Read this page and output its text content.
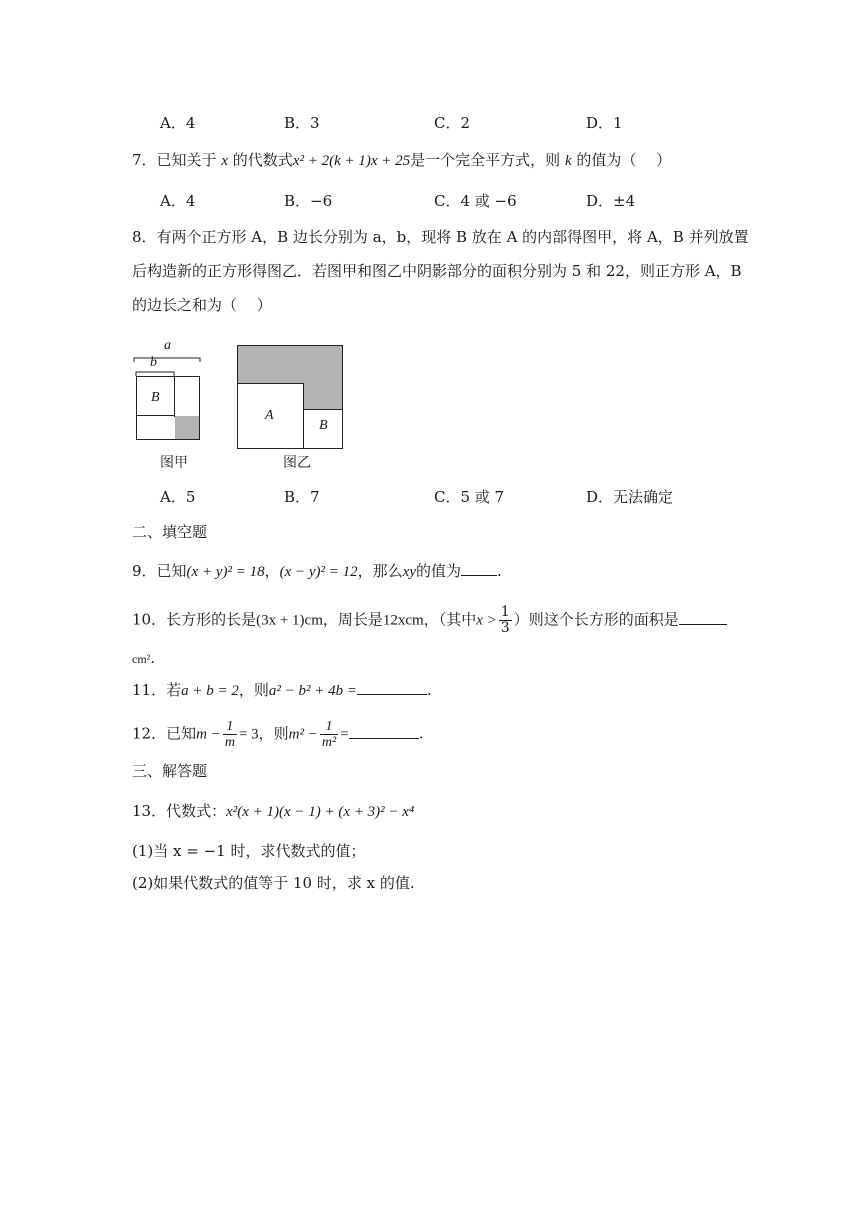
A．4	B．3	C．2	D．1
7．已知关于 x 的代数式x² + 2(k + 1)x + 25是一个完全平方式，则 k 的值为（　 ）
A．4	B．−6	C．4 或 −6	D．±4
8．有两个正方形 A，B 边长分别为 a，b，现将 B 放在 A 的内部得图甲，将 A，B 并列放置
后构造新的正方形得图乙．若图甲和图乙中阴影部分的面积分别为 5 和 22，则正方形 A，B
的边长之和为（　 ）
a
b
B
图甲
A
B
图乙
A．5	B．7	C．5 或 7	D．无法确定
二、填空题
9．已知(x + y)² = 18，(x − y)² = 12，那么xy的值为 .
10．长方形的长是(3x + 1)cm，周长是12xcm，（其中$x > \frac{1}{3}$ ）则这个长方形的面积是
cm².
11．若a + b = 2，则a² − b² + 4b =	.
12．已知$m - \frac{1}{m} = 3$，则$m^2 - \frac{1}{\text{m²}}$ =	.
三、解答题
13．代数式：x²(x + 1)(x − 1) + (x + 3)² − x⁴
(1)当 x = −1 时，求代数式的值；
(2)如果代数式的值等于 10 时，求 x 的值.
